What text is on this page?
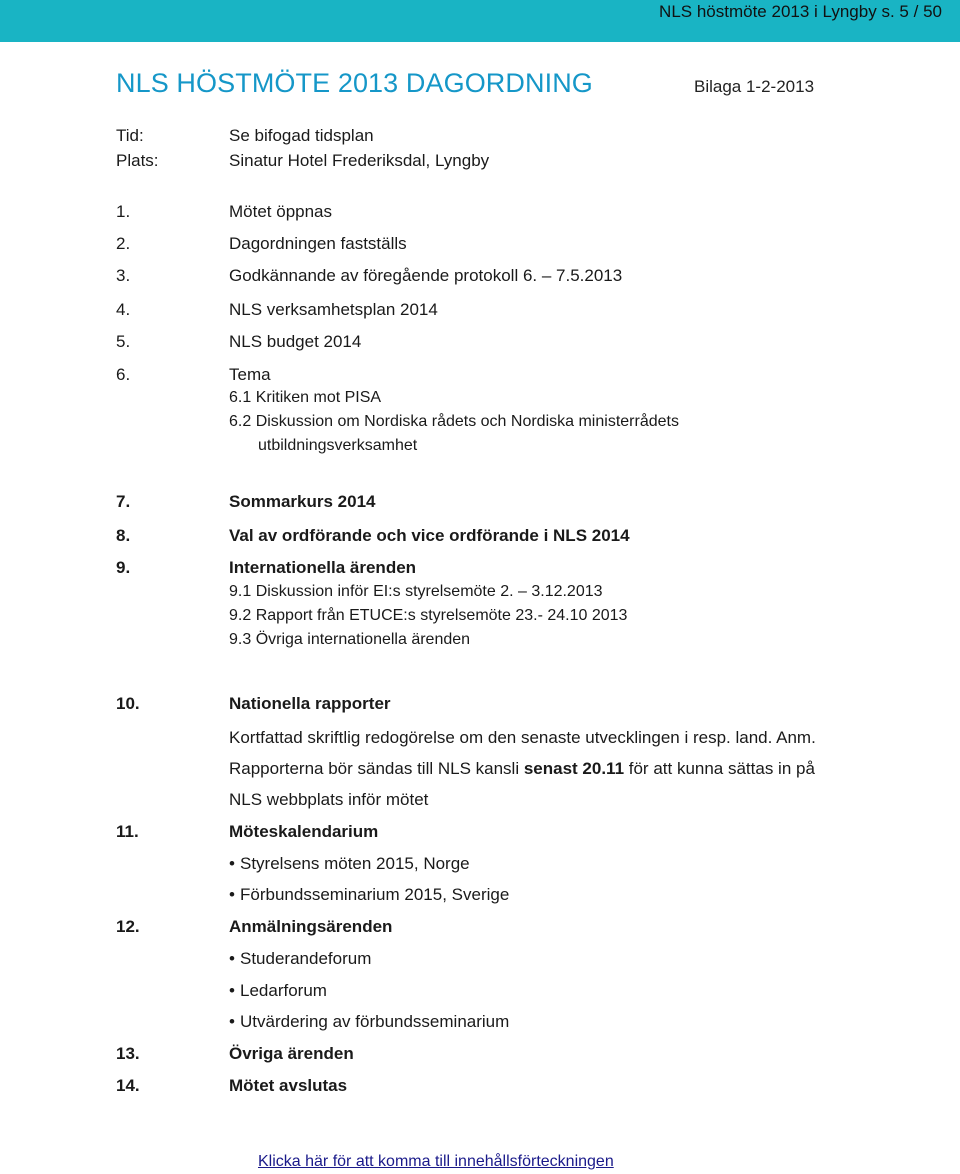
NLS höstmöte 2013 i Lyngby s. 5 / 50
NLS HÖSTMÖTE 2013 DAGORDNING	Bilaga 1-2-2013
Tid:	Se bifogad tidsplan
Plats:	Sinatur Hotel Frederiksdal, Lyngby
1.	Mötet öppnas
2.	Dagordningen fastställs
3.	Godkännande av föregående protokoll 6. – 7.5.2013
4.	NLS verksamhetsplan 2014
5.	NLS budget 2014
6.	Tema
6.1 Kritiken mot PISA
6.2 Diskussion om Nordiska rådets och Nordiska ministerrådets
utbildningsverksamhet
7.	Sommarkurs 2014
8.	Val av ordförande och vice ordförande i NLS 2014
9.	Internationella ärenden
9.1 Diskussion inför EI:s styrelsemöte 2. – 3.12.2013
9.2 Rapport från ETUCE:s styrelsemöte 23.- 24.10 2013
9.3 Övriga internationella ärenden
10.	Nationella rapporter
Kortfattad skriftlig redogörelse om den senaste utvecklingen i resp. land. Anm.
Rapporterna bör sändas till NLS kansli senast 20.11 för att kunna sättas in på
NLS webbplats inför mötet
11.	Möteskalendarium
• Styrelsens möten 2015, Norge
• Förbundsseminarium 2015, Sverige
12.	Anmälningsärenden
• Studerandeforum
• Ledarforum
• Utvärdering av förbundsseminarium
13.	Övriga ärenden
14.	Mötet avslutas
Klicka här för att komma till innehållsförteckningen
